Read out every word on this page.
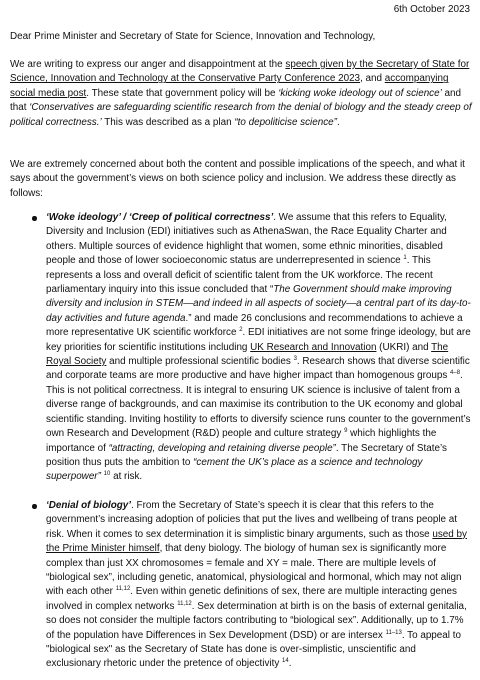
6th October 2023

Dear Prime Minister and Secretary of State for Science, Innovation and Technology,

We are writing to express our anger and disappointment at the speech given by the Secretary of State for Science, Innovation and Technology at the Conservative Party Conference 2023, and accompanying social media post. These state that government policy will be ‘kicking woke ideology out of science’ and that ‘Conservatives are safeguarding scientific research from the denial of biology and the steady creep of political correctness.’ This was described as a plan “to depoliticise science”.

We are extremely concerned about both the content and possible implications of the speech, and what it says about the government’s views on both science policy and inclusion. We address these directly as follows:

‘Woke ideology’ / ‘Creep of political correctness’. We assume that this refers to Equality, Diversity and Inclusion (EDI) initiatives such as AthenaSwan, the Race Equality Charter and others. Multiple sources of evidence highlight that women, some ethnic minorities, disabled people and those of lower socioeconomic status are underrepresented in science $^1$. This represents a loss and overall deficit of scientific talent from the UK workforce. The recent parliamentary inquiry into this issue concluded that “The Government should make improving diversity and inclusion in STEM—and indeed in all aspects of society—a central part of its day-to-day activities and future agenda.” and made 26 conclusions and recommendations to achieve a more representative UK scientific workforce $^2$. EDI initiatives are not some fringe ideology, but are key priorities for scientific institutions including UK Research and Innovation (UKRI) and The Royal Society and multiple professional scientific bodies $^3$. Research shows that diverse scientific and corporate teams are more productive and have higher impact than homogenous groups $^{4-8}$. This is not political correctness. It is integral to ensuring UK science is inclusive of talent from a diverse range of backgrounds, and can maximise its contribution to the UK economy and global scientific standing. Inviting hostility to efforts to diversify science runs counter to the government’s own Research and Development (R&D) people and culture strategy $^9$ which highlights the importance of “attracting, developing and retaining diverse people”. The Secretary of State’s position thus puts the ambition to “cement the UK’s place as a science and technology superpower” $^{10}$ at risk.
‘Denial of biology’. From the Secretary of State’s speech it is clear that this refers to the government’s increasing adoption of policies that put the lives and wellbeing of trans people at risk. When it comes to sex determination it is simplistic binary arguments, such as those used by the Prime Minister himself, that deny biology. The biology of human sex is significantly more complex than just XX chromosomes = female and XY = male. There are multiple levels of “biological sex”, including genetic, anatomical, physiological and hormonal, which may not align with each other $^{11,12}$. Even within genetic definitions of sex, there are multiple interacting genes involved in complex networks $^{11,12}$. Sex determination at birth is on the basis of external genitalia, so does not consider the multiple factors contributing to “biological sex”. Additionally, up to 1.7% of the population have Differences in Sex Development (DSD) or are intersex $^{11-13}$. To appeal to "biological sex" as the Secretary of State has done is over-simplistic, unscientific and exclusionary rhetoric under the pretence of objectivity $^{14}$.
